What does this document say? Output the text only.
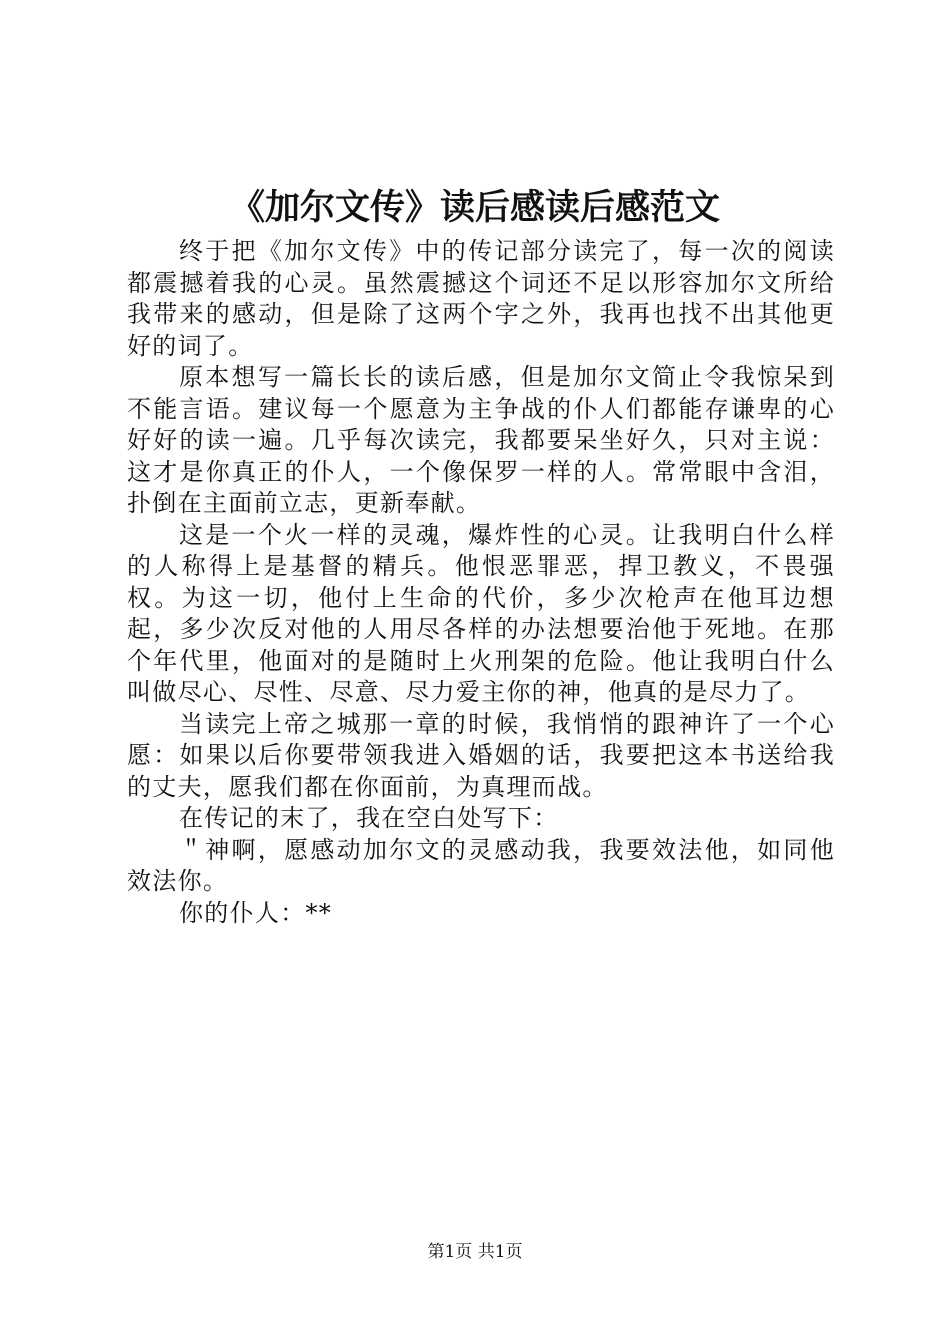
《加尔文传》读后感读后感范文

终于把《加尔文传》中的传记部分读完了，每一次的阅读都震撼着我的心灵。虽然震撼这个词还不足以形容加尔文所给我带来的感动，但是除了这两个字之外，我再也找不出其他更好的词了。

原本想写一篇长长的读后感，但是加尔文简止令我惊呆到不能言语。建议每一个愿意为主争战的仆人们都能存谦卑的心好好的读一遍。几乎每次读完，我都要呆坐好久，只对主说：这才是你真正的仆人，一个像保罗一样的人。常常眼中含泪，扑倒在主面前立志，更新奉献。

这是一个火一样的灵魂，爆炸性的心灵。让我明白什么样的人称得上是基督的精兵。他恨恶罪恶，捍卫教义，不畏强权。为这一切，他付上生命的代价，多少次枪声在他耳边想起，多少次反对他的人用尽各样的办法想要治他于死地。在那个年代里，他面对的是随时上火刑架的危险。他让我明白什么叫做尽心、尽性、尽意、尽力爱主你的神，他真的是尽力了。

当读完上帝之城那一章的时候，我悄悄的跟神许了一个心愿：如果以后你要带领我进入婚姻的话，我要把这本书送给我的丈夫，愿我们都在你面前，为真理而战。

在传记的末了，我在空白处写下：

＂神啊，愿感动加尔文的灵感动我，我要效法他，如同他效法你。

你的仆人：**

第1页 共1页
